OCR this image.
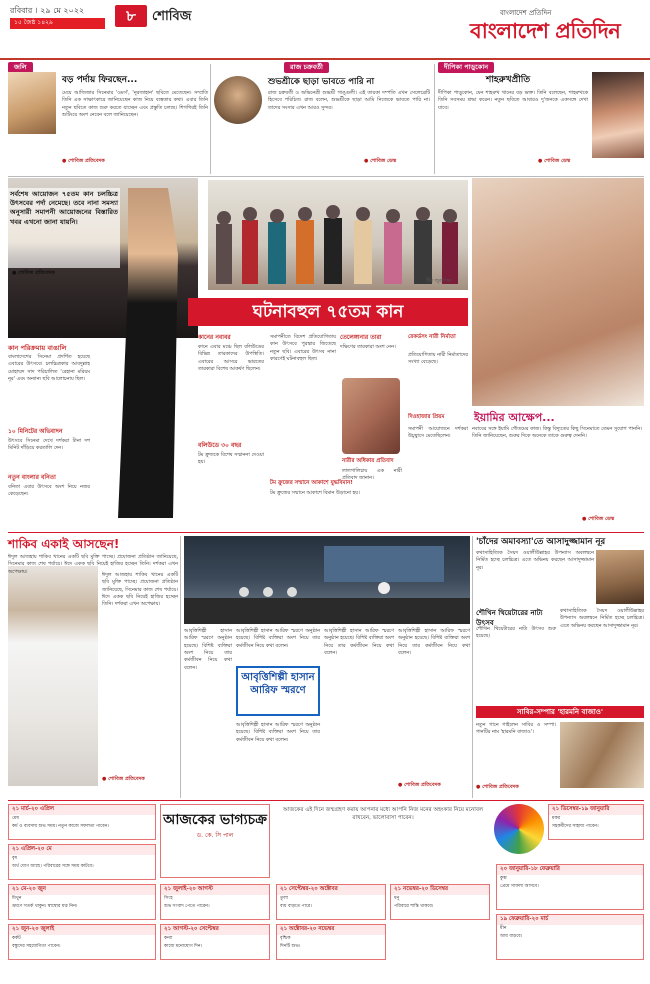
রবিবার । ২৯ মে ২০২২
১৫ জৈষ্ঠ ১৪২৯	৮	শোবিজ	বাংলাদেশ প্রতিদিন
বাংলাদেশ প্রতিদিন
জলি
বড় পর্দায় ফিরছেন...
মেয়ে আজিজার সিনেমার 'ওমর্স', 'নূরজাহান' ছবিতে মেতেছেন। সম্প্রতি তিনি এক সাক্ষাৎকারে জানিয়েছেন কাজ নিয়ে ব্যস্ততার কথা। এবার তিনি নতুন ছবিতে কাজ শুরু করতে যাচ্ছেন এবং প্রস্তুতি চলছে। শিগগিরই তিনি শুটিংয়ে অংশ নেবেন বলে জানিয়েছেন।
● শোবিজ প্রতিবেদক
রাজ চক্রবর্তী
শুভশ্রীকে ছাড়া ভাবতে পারি না
রাজ চক্রবর্তী ও অভিনেত্রী শুভশ্রী গাঙ্গুলী। এই তারকা দম্পতি এখন সেলেব্রেটি হিসেবে পরিচিত। রাজ বলেন, শুভশ্রীকে ছাড়া আমি নিজেকে ভাবতে পারি না। তাদের সংসার এখন আরও সুন্দর।
● শোবিজ ডেস্ক
দীপিকা পাড়ুকোন
শাহরুখপ্রীতি
দীপিকা পাড়ুকোন, যেন শাহরুখ খানের বড় ভক্ত। তিনি বলেছেন, শাহরুখকে তিনি সবসময় শ্রদ্ধা করেন। নতুন ছবিতে আবারও দু'জনকে একসঙ্গে দেখা যাবে।
● শোবিজ ডেস্ক
সর্বশেষ আয়োজন ৭৫তম কান চলচ্চিত্র উৎসবের পর্দা নেমেছে। তবে নানা সমস্যা অনুসারী সমাপনী আয়োজনের বিস্তারিত খবর এখনো জানা যায়নি।
● শোবিজ প্রতিবেদক
টিম জুরাসিক
ঘটনাবহুল ৭৫তম কান
কান পরিক্রমায় বাঙালি
বাংলাদেশের সিনেমা প্রদর্শিত হয়েছে এবারের উৎসবে। চলচ্চিত্রকার আবদুল্লাহ মোহাম্মদ সাদ পরিচালিত 'রেহানা মরিয়ম নূর' এবং অন্যান্য ছবি আলোচনায় ছিল।
১০ মিনিটের অভিবাদন
উৎসবে সিনেমা দেখে দর্শকরা টানা দশ মিনিট দাঁড়িয়ে করতালি দেন।
নতুন বাংলার বনিতা
বনিতা এবার উৎসবে অংশ নিয়ে নজর কেড়েছেন।
কানের নবাবর
কানে এবার মঞ্চে ছিল বলিউডের বিভিন্ন তারকাদের উপস্থিতি। এবারের আসরে ভারতের তারকারা বিশেষ আকর্ষণ ছিলেন।
বলিউডে ৩০ বছর
টম ক্রুজকে বিশেষ সম্মাননা দেওয়া হয়।
সমাপনীতে বিদেশ প্রতিযোগিতায় কান উৎসবে পুরস্কার জিতেছে নতুন ছবি। এবারের উৎসব নানা কারণেই ঘটনাবহুল ছিল।
টম ক্রুজের সম্মানে আকাশে যুদ্ধবিমান!
টম ক্রুজের সম্মানে আকাশে বিমান উড়ানো হয়।
তেলেঙ্গানার তারা
দক্ষিণের তারকারা অংশ নেন।
রেকর্ডসং নারী নির্মাতা
প্রতিযোগিতায় নারী নির্মাতাদের সংখ্যা বেড়েছে।
দিওহাজার প্রিয়ম
সমাপনী আয়োজনে দর্শকরা উচ্ছ্বাসে মেতেছিলেন।
নারীর অধিকার প্রতিবাদ
লালগালিচায় এক নারী প্রতিবাদ জানান।
ইয়ামির আক্ষেপ...
নবাবের সঙ্গে ইয়ামি গৌতমের কাজ। কিন্তু বিদ্যুতের কিছু সিনেমাতে তেমন সুযোগ পাননি। তিনি জানিয়েছেন, শুরুর দিকে অনেকে তাকে গুরুত্ব দেননি।
● শোবিজ ডেস্ক
শাকিব একাই আসছেন!
ঈদুল আজহায় শাকিব খানের একটি ছবি মুক্তি পাচ্ছে। প্রযোজনা প্রতিষ্ঠান জানিয়েছে, সিনেমার কাজ শেষ পর্যায়ে। ঈদে একক ছবি নিয়েই হাজির হচ্ছেন তিনি। দর্শকরা এখন অপেক্ষায়।
ঈদুল আজহায় শাকিব খানের একটি ছবি মুক্তি পাচ্ছে। প্রযোজনা প্রতিষ্ঠান জানিয়েছে, সিনেমার কাজ শেষ পর্যায়ে। ঈদে একক ছবি নিয়েই হাজির হচ্ছেন তিনি। দর্শকরা এখন অপেক্ষায়।
● শোবিজ প্রতিবেদক
আবৃত্তিশিল্পী হাসান আরিফ স্মরণে অনুষ্ঠান হয়েছে। বিশিষ্ট ব্যক্তিরা অংশ নিয়ে তার কর্মজীবন নিয়ে কথা বলেন।
আবৃত্তিশিল্পী হাসান আরিফ স্মরণে
আবৃত্তিশিল্পী হাসান আরিফ স্মরণে অনুষ্ঠান হয়েছে। বিশিষ্ট ব্যক্তিরা অংশ নিয়ে তার কর্মজীবন নিয়ে কথা বলেন।
আবৃত্তিশিল্পী হাসান আরিফ স্মরণে অনুষ্ঠান হয়েছে। বিশিষ্ট ব্যক্তিরা অংশ নিয়ে তার কর্মজীবন নিয়ে কথা বলেন।
আবৃত্তিশিল্পী হাসান আরিফ স্মরণে অনুষ্ঠান হয়েছে। বিশিষ্ট ব্যক্তিরা অংশ নিয়ে তার কর্মজীবন নিয়ে কথা বলেন।
আবৃত্তিশিল্পী হাসান আরিফ স্মরণে অনুষ্ঠান হয়েছে। বিশিষ্ট ব্যক্তিরা অংশ নিয়ে তার কর্মজীবন নিয়ে কথা বলেন।
● শোবিজ প্রতিবেদক
'চাঁদের অমাবস্যা'তে আসাদুজ্জামান নূর
কথাসাহিত্যিক সৈয়দ ওয়ালীউল্লাহর উপন্যাস অবলম্বনে নির্মিত হচ্ছে চলচ্চিত্র। এতে অভিনয় করছেন আসাদুজ্জামান নূর।
শৌখিন থিয়েটারের নাট্য উৎসব
শৌখিন থিয়েটারের নাট্য উৎসব শুরু হয়েছে।
কথাসাহিত্যিক সৈয়দ ওয়ালীউল্লাহর উপন্যাস অবলম্বনে নির্মিত হচ্ছে চলচ্চিত্র। এতে অভিনয় করছেন আসাদুজ্জামান নূর।
সাবির-সম্পার 'হারমনি বাজাও'
নতুন গানে গাইলেন সাবির ও সম্পা। গানটির নাম 'হারমনি বাজাও'।
● শোবিজ প্রতিবেদক
২১ মার্চ-২০ এপ্রিল
মেষ
কর্ম ও ব্যবসায় শুভ সময়। নতুন কাজে সফলতা পাবেন।
২১ এপ্রিল-২০ মে
বৃষ
অর্থ যোগ আছে। পরিবারের সঙ্গে সময় কাটবে।
২১ মে-২০ জুন
মিথুন
ভ্রমণে সতর্ক থাকুন। স্বাস্থ্যের যত্ন নিন।
২১ জুন-২০ জুলাই
কর্কট
বন্ধুদের সহযোগিতা পাবেন।
আজকের ভাগ্যচক্র
ড. কে. সি পাল
আজকের এই দিনে জন্মগ্রহণ করায় আপনার মধ্যে আপনি নিজ মনের অহংকার নিয়ে মনোবল রাখবেন, ভালোবাসা পাবেন।
২১ জুলাই-২০ আগস্ট
সিংহ
শুভ সংবাদ পেতে পারেন।
২১ আগস্ট-২০ সেপ্টেম্বর
কন্যা
কাজে মনোযোগ দিন।
২১ সেপ্টেম্বর-২০ অক্টোবর
তুলা
ব্যয় বাড়তে পারে।
২১ অক্টোবর-২০ নভেম্বর
বৃশ্চিক
দিনটি শুভ।
২১ নভেম্বর-২০ ডিসেম্বর
ধনু
পরিবারে শান্তি থাকবে।
২১ ডিসেম্বর-১৯ জানুয়ারি
মকর
সহকর্মীদের সাহায্য পাবেন।
২০ জানুয়ারি-১৮ ফেব্রুয়ারি
কুম্ভ
প্রেমে সাফল্য আসবে।
১৯ ফেব্রুয়ারি-২০ মার্চ
মীন
আয় বাড়বে।
